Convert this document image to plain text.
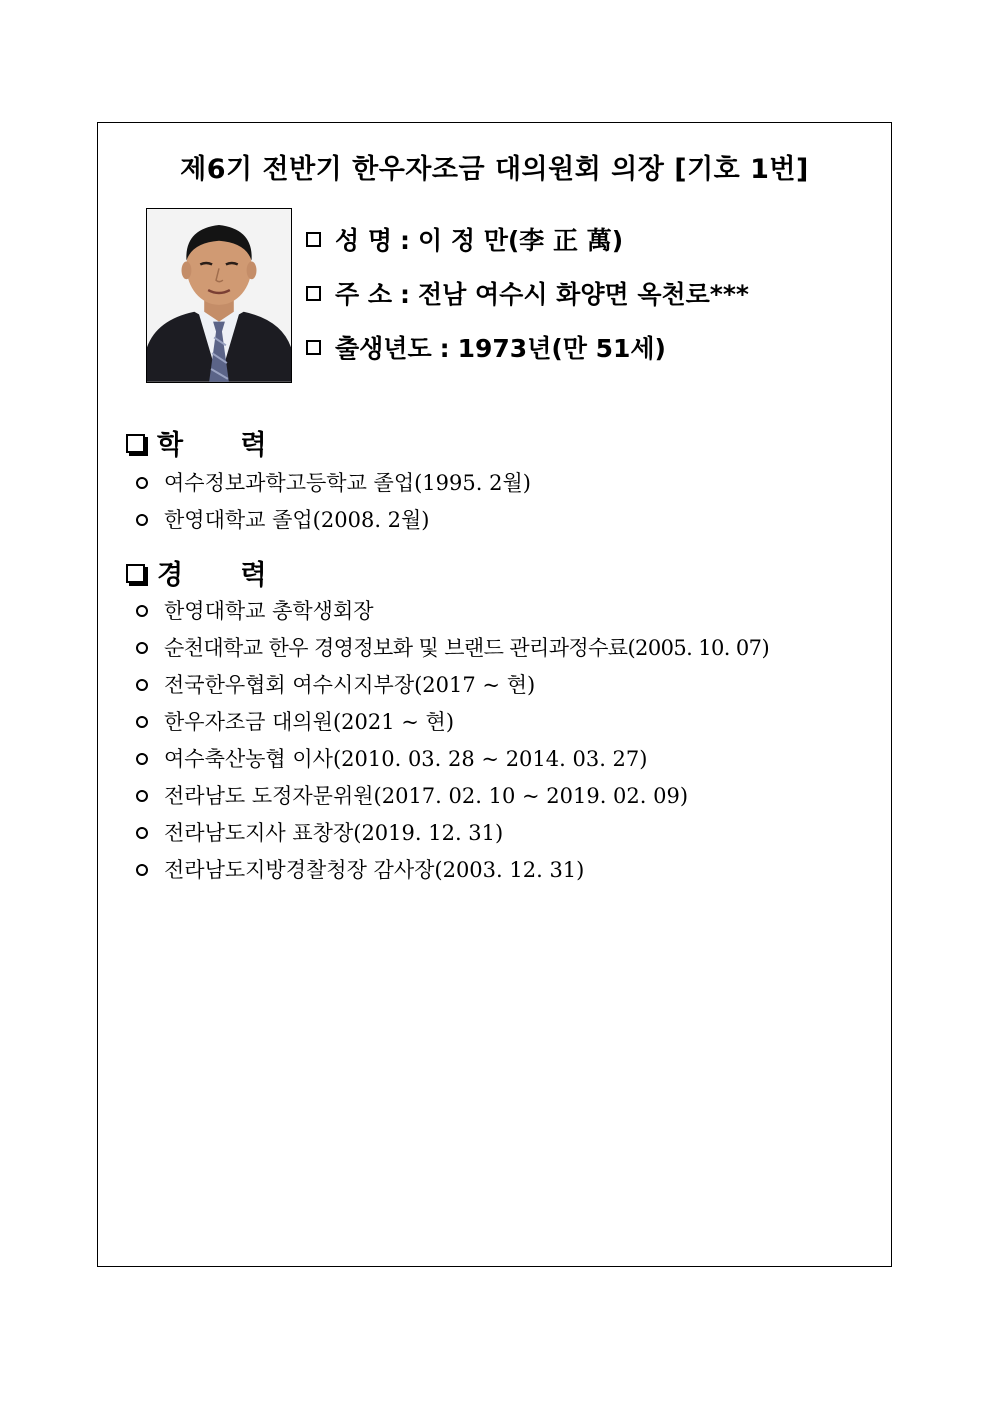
제6기 전반기 한우자조금 대의원회 의장 [기호 1번]
성 명 : 이 정 만(李 正 萬)
주 소 : 전남 여수시 화양면 옥천로***
출생년도 : 1973년(만 51세)
학 력
여수정보과학고등학교 졸업(1995. 2월)
한영대학교 졸업(2008. 2월)
경 력
한영대학교 총학생회장
순천대학교 한우 경영정보화 및 브랜드 관리과정수료(2005. 10. 07)
전국한우협회 여수시지부장(2017 ~ 현)
한우자조금 대의원(2021 ~ 현)
여수축산농협 이사(2010. 03. 28 ~ 2014. 03. 27)
전라남도 도정자문위원(2017. 02. 10 ~ 2019. 02. 09)
전라남도지사 표창장(2019. 12. 31)
전라남도지방경찰청장 감사장(2003. 12. 31)
